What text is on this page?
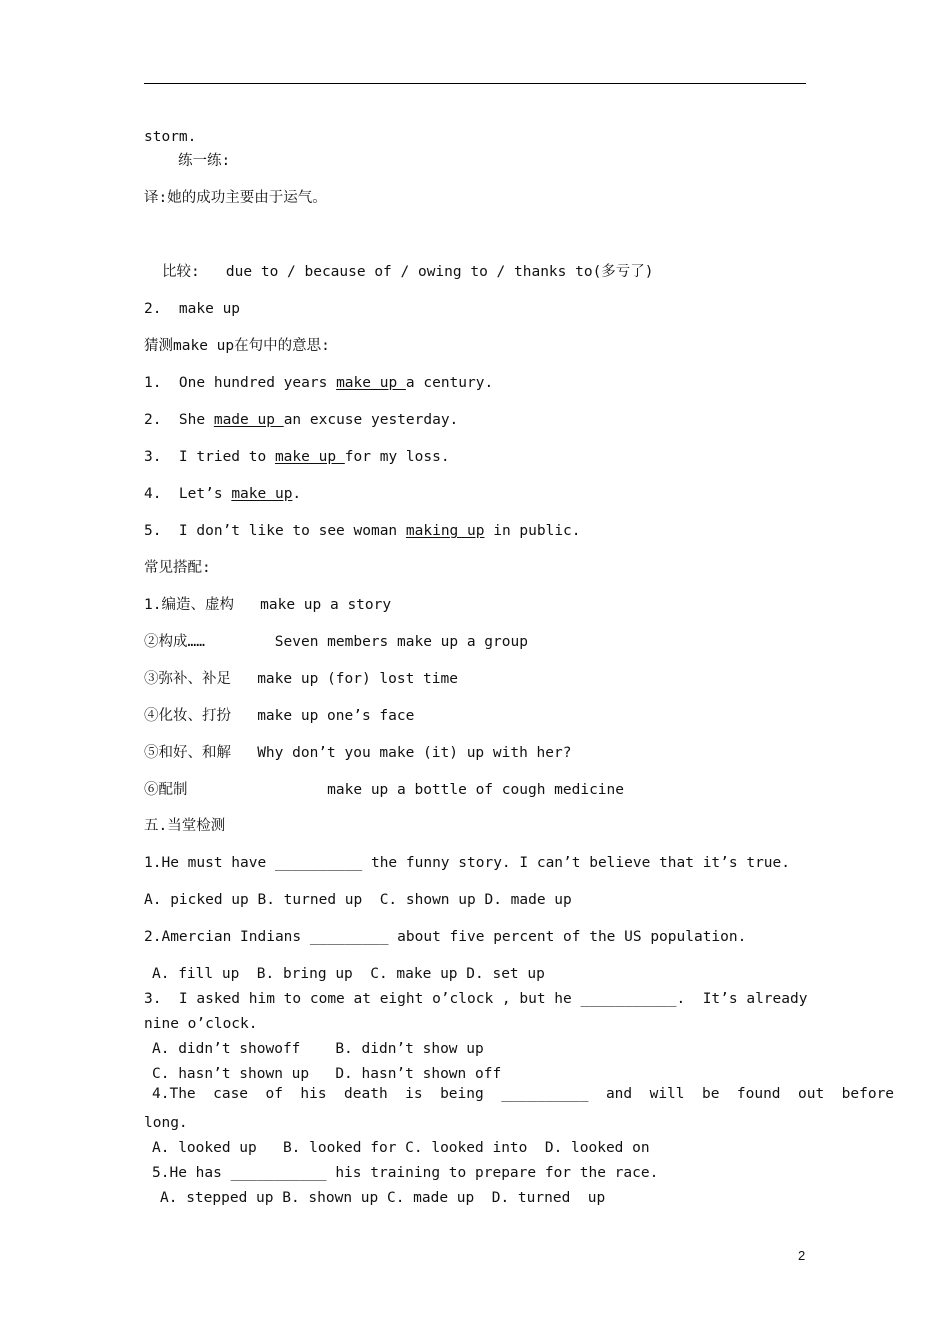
storm.
练一练:
译:她的成功主要由于运气。
比较:   due to / because of / owing to / thanks to(多亏了)
2.  make up
猜测make up在句中的意思:
1.  One hundred years make up a century.
2.  She made up an excuse yesterday.
3.  I tried to make up for my loss.
4.  Let’s make up.
5.  I don’t like to see woman making up in public.
常见搭配:
1.编造、虚构   make up a story
②构成……        Seven members make up a group
③弥补、补足   make up (for) lost time
④化妆、打扮   make up one’s face
⑤和好、和解   Why don’t you make (it) up with her?
⑥配制                make up a bottle of cough medicine
五.当堂检测
1.He must have __________ the funny story. I can’t believe that it’s true.
A. picked up B. turned up  C. shown up D. made up
2.Amercian Indians _________ about five percent of the US population.
A. fill up  B. bring up  C. make up D. set up
3.  I asked him to come at eight o’clock , but he ___________.  It’s already
nine o’clock.
A. didn’t showoff    B. didn’t show up
C. hasn’t shown up   D. hasn’t shown off
4.The  case  of  his  death  is  being  __________  and  will  be  found  out  before
long.
A. looked up   B. looked for C. looked into  D. looked on
5.He has ___________ his training to prepare for the race.
A. stepped up B. shown up C. made up  D. turned  up
2
